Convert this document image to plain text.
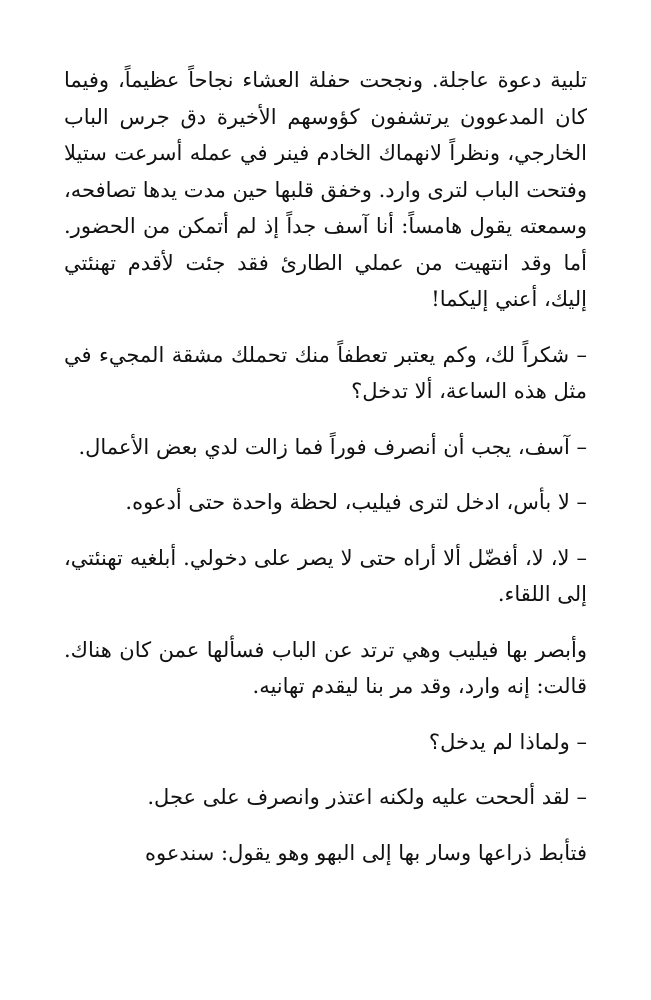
تلبية دعوة عاجلة. ونجحت حفلة العشاء نجاحاً عظيماً، وفيما كان المدعوون يرتشفون كؤوسهم الأخيرة دق جرس الباب الخارجي، ونظراً لانهماك الخادم فينر في عمله أسرعت ستيلا وفتحت الباب لترى وارد. وخفق قلبها حين مدت يدها تصافحه، وسمعته يقول هامساً: أنا آسف جداً إذ لم أتمكن من الحضور. أما وقد انتهيت من عملي الطارئ فقد جئت لأقدم تهنئتي إليك، أعني إليكما!

– شكراً لك، وكم يعتبر تعطفاً منك تحملك مشقة المجيء في مثل هذه الساعة، ألا تدخل؟

– آسف، يجب أن أنصرف فوراً فما زالت لدي بعض الأعمال.

– لا بأس، ادخل لترى فيليب، لحظة واحدة حتى أدعوه.

– لا، لا، أفضّل ألا أراه حتى لا يصر على دخولي. أبلغيه تهنئتي، إلى اللقاء.

وأبصر بها فيليب وهي ترتد عن الباب فسألها عمن كان هناك. قالت: إنه وارد، وقد مر بنا ليقدم تهانيه.

– ولماذا لم يدخل؟

– لقد ألححت عليه ولكنه اعتذر وانصرف على عجل.

فتأبط ذراعها وسار بها إلى البهو وهو يقول: سندعوه
